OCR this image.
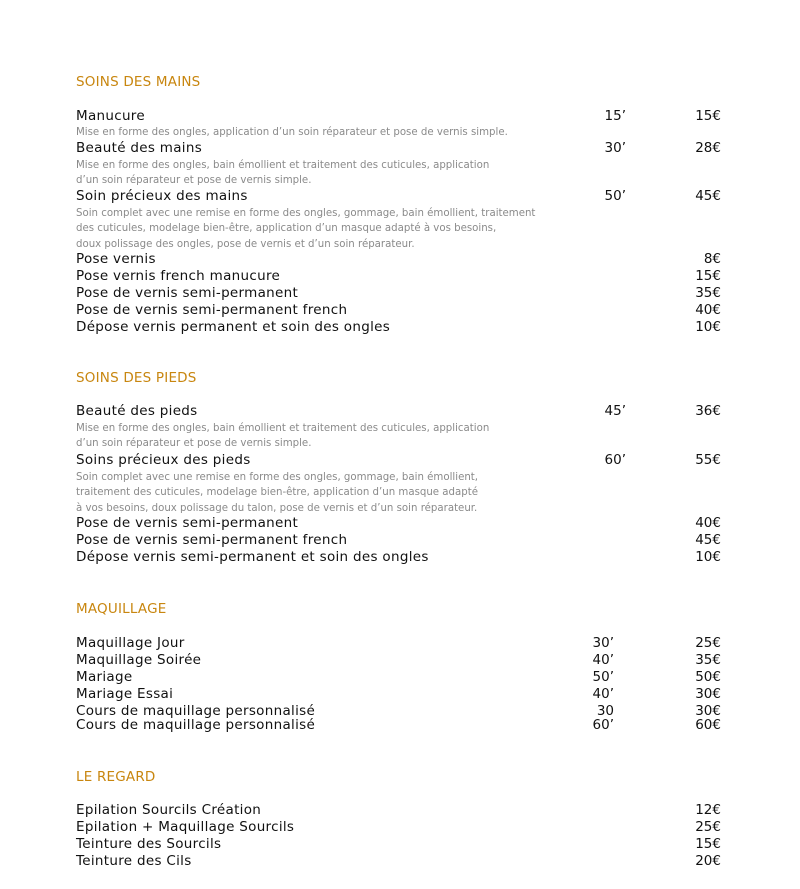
SOINS DES MAINS
Manucure	15’	15€
Mise en forme des ongles, application d’un soin réparateur et pose de vernis simple.
Beauté des mains	30’	28€
Mise en forme des ongles, bain émollient et traitement des cuticules, application
d’un soin réparateur et pose de vernis simple.
Soin précieux des mains	50’	45€
Soin complet avec une remise en forme des ongles, gommage, bain émollient, traitement
des cuticules, modelage bien-être, application d’un masque adapté à vos besoins,
doux polissage des ongles, pose de vernis et d’un soin réparateur.
Pose vernis	8€
Pose vernis french manucure	15€
Pose de vernis semi-permanent	35€
Pose de vernis semi-permanent french	40€
Dépose vernis permanent et soin des ongles	10€
SOINS DES PIEDS
Beauté des pieds	45’	36€
Mise en forme des ongles, bain émollient et traitement des cuticules, application
d’un soin réparateur et pose de vernis simple.
Soins précieux des pieds	60’	55€
Soin complet avec une remise en forme des ongles, gommage, bain émollient,
traitement des cuticules, modelage bien-être, application d’un masque adapté
à vos besoins, doux polissage du talon, pose de vernis et d’un soin réparateur.
Pose de vernis semi-permanent	40€
Pose de vernis semi-permanent french	45€
Dépose vernis semi-permanent et soin des ongles	10€
MAQUILLAGE
Maquillage Jour	30’	25€
Maquillage Soirée	40’	35€
Mariage	50’	50€
Mariage Essai	40’	30€
Cours de maquillage personnalisé	30	30€
Cours de maquillage personnalisé	60’	60€
LE REGARD
Epilation Sourcils Création	12€
Epilation + Maquillage Sourcils	25€
Teinture des Sourcils	15€
Teinture des Cils	20€
